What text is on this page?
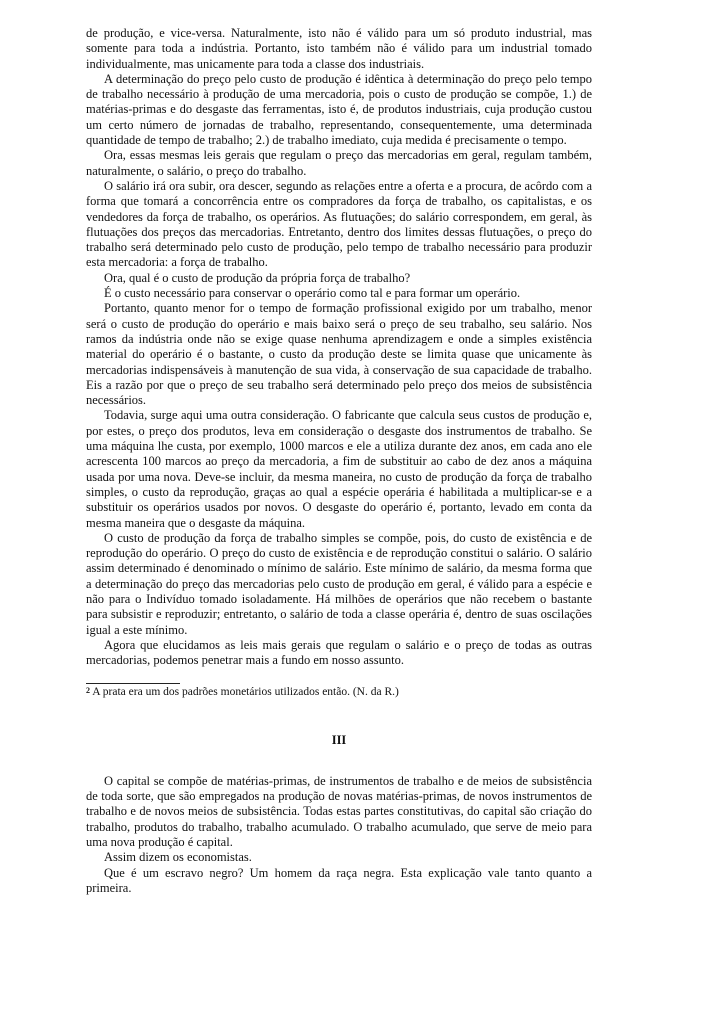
de produção, e vice-versa. Naturalmente, isto não é válido para um só produto industrial, mas somente para toda a indústria. Portanto, isto também não é válido para um industrial tomado individualmente, mas unicamente para toda a classe dos industriais.

A determinação do preço pelo custo de produção é idêntica à determinação do preço pelo tempo de trabalho necessário à produção de uma mercadoria, pois o custo de produção se compõe, 1.) de matérias-primas e do desgaste das ferramentas, isto é, de produtos industriais, cuja produção custou um certo número de jornadas de trabalho, representando, consequentemente, uma determinada quantidade de tempo de trabalho; 2.) de trabalho imediato, cuja medida é precisamente o tempo.

Ora, essas mesmas leis gerais que regulam o preço das mercadorias em geral, regulam também, naturalmente, o salário, o preço do trabalho.

O salário irá ora subir, ora descer, segundo as relações entre a oferta e a procura, de acôrdo com a forma que tomará a concorrência entre os compradores da força de trabalho, os capitalistas, e os vendedores da força de trabalho, os operários. As flutuações; do salário correspondem, em geral, às flutuações dos preços das mercadorias. Entretanto, dentro dos limites dessas flutuações, o preço do trabalho será determinado pelo custo de produção, pelo tempo de trabalho necessário para produzir esta mercadoria: a força de trabalho.

Ora, qual é o custo de produção da própria força de trabalho?

É o custo necessário para conservar o operário como tal e para formar um operário.

Portanto, quanto menor for o tempo de formação profissional exigido por um trabalho, menor será o custo de produção do operário e mais baixo será o preço de seu trabalho, seu salário. Nos ramos da indústria onde não se exige quase nenhuma aprendizagem e onde a simples existência material do operário é o bastante, o custo da produção deste se limita quase que unicamente às mercadorias indispensáveis à manutenção de sua vida, à conservação de sua capacidade de trabalho. Eis a razão por que o preço de seu trabalho será determinado pelo preço dos meios de subsistência necessários.

Todavia, surge aqui uma outra consideração. O fabricante que calcula seus custos de produção e, por estes, o preço dos produtos, leva em consideração o desgaste dos instrumentos de trabalho. Se uma máquina lhe custa, por exemplo, 1000 marcos e ele a utiliza durante dez anos, em cada ano ele acrescenta 100 marcos ao preço da mercadoria, a fim de substituir ao cabo de dez anos a máquina usada por uma nova. Deve-se incluir, da mesma maneira, no custo de produção da força de trabalho simples, o custo da reprodução, graças ao qual a espécie operária é habilitada a multiplicar-se e a substituir os operários usados por novos. O desgaste do operário é, portanto, levado em conta da mesma maneira que o desgaste da máquina.

O custo de produção da força de trabalho simples se compõe, pois, do custo de existência e de reprodução do operário. O preço do custo de existência e de reprodução constitui o salário. O salário assim determinado é denominado o mínimo de salário. Este mínimo de salário, da mesma forma que a determinação do preço das mercadorias pelo custo de produção em geral, é válido para a espécie e não para o Indivíduo tomado isoladamente. Há milhões de operários que não recebem o bastante para subsistir e reproduzir; entretanto, o salário de toda a classe operária é, dentro de suas oscilações igual a este mínimo.

Agora que elucidamos as leis mais gerais que regulam o salário e o preço de todas as outras mercadorias, podemos penetrar mais a fundo em nosso assunto.

$^2$ A prata era um dos padrões monetários utilizados então. (N. da R.)
III

O capital se compõe de matérias-primas, de instrumentos de trabalho e de meios de subsistência de toda sorte, que são empregados na produção de novas matérias-primas, de novos instrumentos de trabalho e de novos meios de subsistência. Todas estas partes constitutivas, do capital são criação do trabalho, produtos do trabalho, trabalho acumulado. O trabalho acumulado, que serve de meio para uma nova produção é capital.

Assim dizem os economistas.

Que é um escravo negro? Um homem da raça negra. Esta explicação vale tanto quanto a primeira.
